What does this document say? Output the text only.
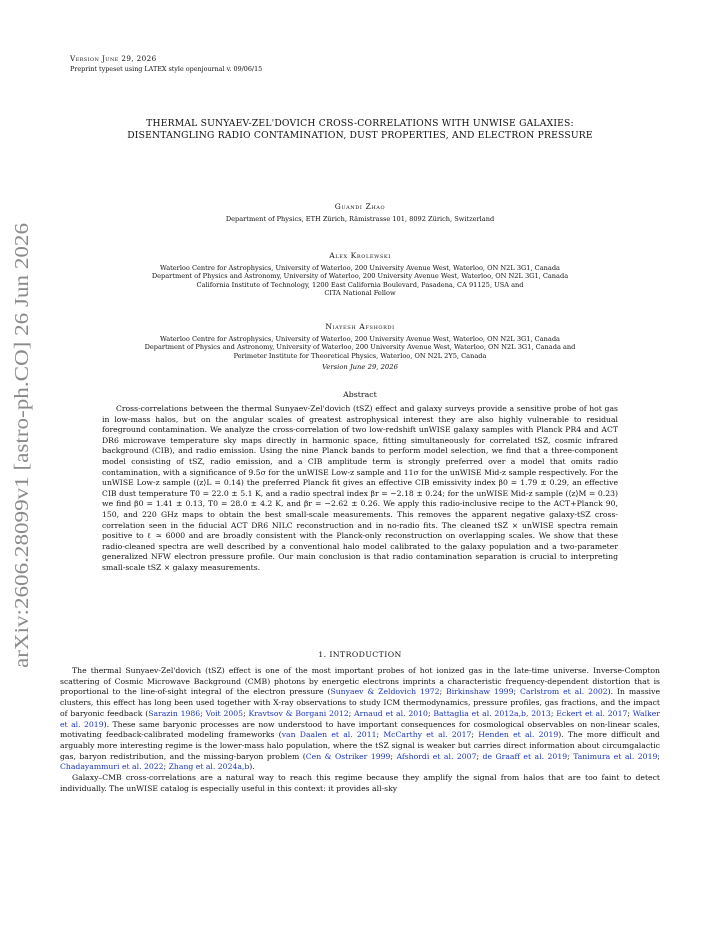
arXiv:2606.28099v1 [astro-ph.CO] 26 Jun 2026
Version June 29, 2026
Preprint typeset using LATEX style openjournal v. 09/06/15
THERMAL SUNYAEV-ZEL'DOVICH CROSS-CORRELATIONS WITH UNWISE GALAXIES:
DISENTANGLING RADIO CONTAMINATION, DUST PROPERTIES, AND ELECTRON PRESSURE
Guandi Zhao
Department of Physics, ETH Zürich, Rämistrasse 101, 8092 Zürich, Switzerland
Alex Krolewski
Waterloo Centre for Astrophysics, University of Waterloo, 200 University Avenue West, Waterloo, ON N2L 3G1, Canada
Department of Physics and Astronomy, University of Waterloo, 200 University Avenue West, Waterloo, ON N2L 3G1, Canada
California Institute of Technology, 1200 East California Boulevard, Pasadena, CA 91125, USA and
CITA National Fellow
Niayesh Afshordi
Waterloo Centre for Astrophysics, University of Waterloo, 200 University Avenue West, Waterloo, ON N2L 3G1, Canada
Department of Physics and Astronomy, University of Waterloo, 200 University Avenue West, Waterloo, ON N2L 3G1, Canada and
Perimeter Institute for Theoretical Physics, Waterloo, ON N2L 2Y5, Canada
Version June 29, 2026
Abstract
Cross-correlations between the thermal Sunyaev-Zel'dovich (tSZ) effect and galaxy surveys provide a sensitive probe of hot gas in low-mass halos, but on the angular scales of greatest astrophysical interest they are also highly vulnerable to residual foreground contamination. We analyze the cross-correlation of two low-redshift unWISE galaxy samples with Planck PR4 and ACT DR6 microwave temperature sky maps directly in harmonic space, fitting simultaneously for correlated tSZ, cosmic infrared background (CIB), and radio emission. Using the nine Planck bands to perform model selection, we find that a three-component model consisting of tSZ, radio emission, and a CIB amplitude term is strongly preferred over a model that omits radio contamination, with a significance of 9.5σ for the unWISE Low-z sample and 11σ for the unWISE Mid-z sample respectively. For the unWISE Low-z sample (⟨z⟩L = 0.14) the preferred Planck fit gives an effective CIB emissivity index β0 = 1.79 ± 0.29, an effective CIB dust temperature T0 = 22.0 ± 5.1 K, and a radio spectral index βr = −2.18 ± 0.24; for the unWISE Mid-z sample (⟨z⟩M = 0.23) we find β0 = 1.41 ± 0.13, T0 = 28.0 ± 4.2 K, and βr = −2.62 ± 0.26. We apply this radio-inclusive recipe to the ACT+Planck 90, 150, and 220 GHz maps to obtain the best small-scale measurements. This removes the apparent negative galaxy-tSZ cross-correlation seen in the fiducial ACT DR6 NILC reconstruction and in no-radio fits. The cleaned tSZ × unWISE spectra remain positive to ℓ ≃ 6000 and are broadly consistent with the Planck-only reconstruction on overlapping scales. We show that these radio-cleaned spectra are well described by a conventional halo model calibrated to the galaxy population and a two-parameter generalized NFW electron pressure profile. Our main conclusion is that radio contamination separation is crucial to interpreting small-scale tSZ × galaxy measurements.
1. INTRODUCTION

The thermal Sunyaev-Zel'dovich (tSZ) effect is one of the most important probes of hot ionized gas in the late-time universe. Inverse-Compton scattering of Cosmic Microwave Background (CMB) photons by energetic electrons imprints a characteristic frequency-dependent distortion that is proportional to the line-of-sight integral of the electron pressure (Sunyaev & Zeldovich 1972; Birkinshaw 1999; Carlstrom et al. 2002). In massive clusters, this effect has long been used together with X-ray observations to study ICM thermodynamics, pressure profiles, gas fractions, and the impact of baryonic feedback (Sarazin 1986; Voit 2005; Kravtsov & Borgani 2012; Arnaud et al. 2010; Battaglia et al. 2012a,b, 2013; Eckert et al. 2017; Walker et al. 2019). These same baryonic processes are now understood to have important consequences for cosmological observables on non-linear scales, motivating feedback-calibrated modeling frameworks (van Daalen et al. 2011; McCarthy et al. 2017; Henden et al. 2019). The more difficult and arguably more interesting regime is the lower-mass halo population, where the tSZ signal is weaker but carries direct information about circumgalactic gas, baryon redistribution, and the missing-baryon problem (Cen & Ostriker 1999; Afshordi et al. 2007; de Graaff et al. 2019; Tanimura et al. 2019; Chadayammuri et al. 2022; Zhang et al. 2024a,b).

Galaxy–CMB cross-correlations are a natural way to reach this regime because they amplify the signal from halos that are too faint to detect individually. The unWISE catalog is especially useful in this context: it provides all-sky
